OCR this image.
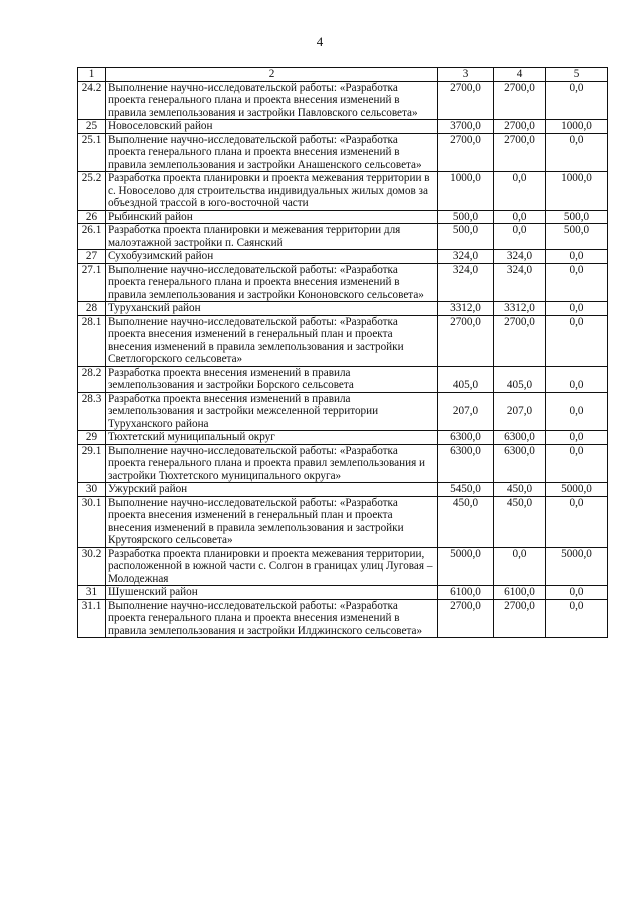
4
1	2	3	4	5
24.2	Выполнение научно-исследовательской работы: «Разработка проекта генерального плана и проекта внесения изменений в правила землепользования и застройки Павловского сельсовета»	2700,0	2700,0	0,0
25	Новоселовский район	3700,0	2700,0	1000,0
25.1	Выполнение научно-исследовательской работы: «Разработка проекта генерального плана и проекта внесения изменений в правила землепользования и застройки Анашенского сельсовета»	2700,0	2700,0	0,0
25.2	Разработка проекта планировки и проекта межевания территории в с. Новоселово для строительства индивидуальных жилых домов за объездной трассой в юго-восточной части	1000,0	0,0	1000,0
26	Рыбинский район	500,0	0,0	500,0
26.1	Разработка проекта планировки и межевания территории для малоэтажной застройки п. Саянский	500,0	0,0	500,0
27	Сухобузимский район	324,0	324,0	0,0
27.1	Выполнение научно-исследовательской работы: «Разработка проекта генерального плана и проекта внесения изменений в правила землепользования и застройки Кононовского сельсовета»	324,0	324,0	0,0
28	Туруханский район	3312,0	3312,0	0,0
28.1	Выполнение научно-исследовательской работы: «Разработка проекта внесения изменений в генеральный план и проекта внесения изменений в правила землепользования и застройки Светлогорского сельсовета»	2700,0	2700,0	0,0
28.2	Разработка проекта внесения изменений в правила землепользования и застройки Борского сельсовета	405,0	405,0	0,0
28.3	Разработка проекта внесения изменений в правила землепользования и застройки межселенной территории Туруханского района	207,0	207,0	0,0
29	Тюхтетский муниципальный округ	6300,0	6300,0	0,0
29.1	Выполнение научно-исследовательской работы: «Разработка проекта генерального плана и проекта правил землепользования и застройки Тюхтетского муниципального округа»	6300,0	6300,0	0,0
30	Ужурский район	5450,0	450,0	5000,0
30.1	Выполнение научно-исследовательской работы: «Разработка проекта внесения изменений в генеральный план и проекта внесения изменений в правила землепользования и застройки Крутоярского сельсовета»	450,0	450,0	0,0
30.2	Разработка проекта планировки и проекта межевания территории, расположенной в южной части с. Солгон в границах улиц Луговая – Молодежная	5000,0	0,0	5000,0
31	Шушенский район	6100,0	6100,0	0,0
31.1	Выполнение научно-исследовательской работы: «Разработка проекта генерального плана и проекта внесения изменений в правила землепользования и застройки Илджинского сельсовета»	2700,0	2700,0	0,0
